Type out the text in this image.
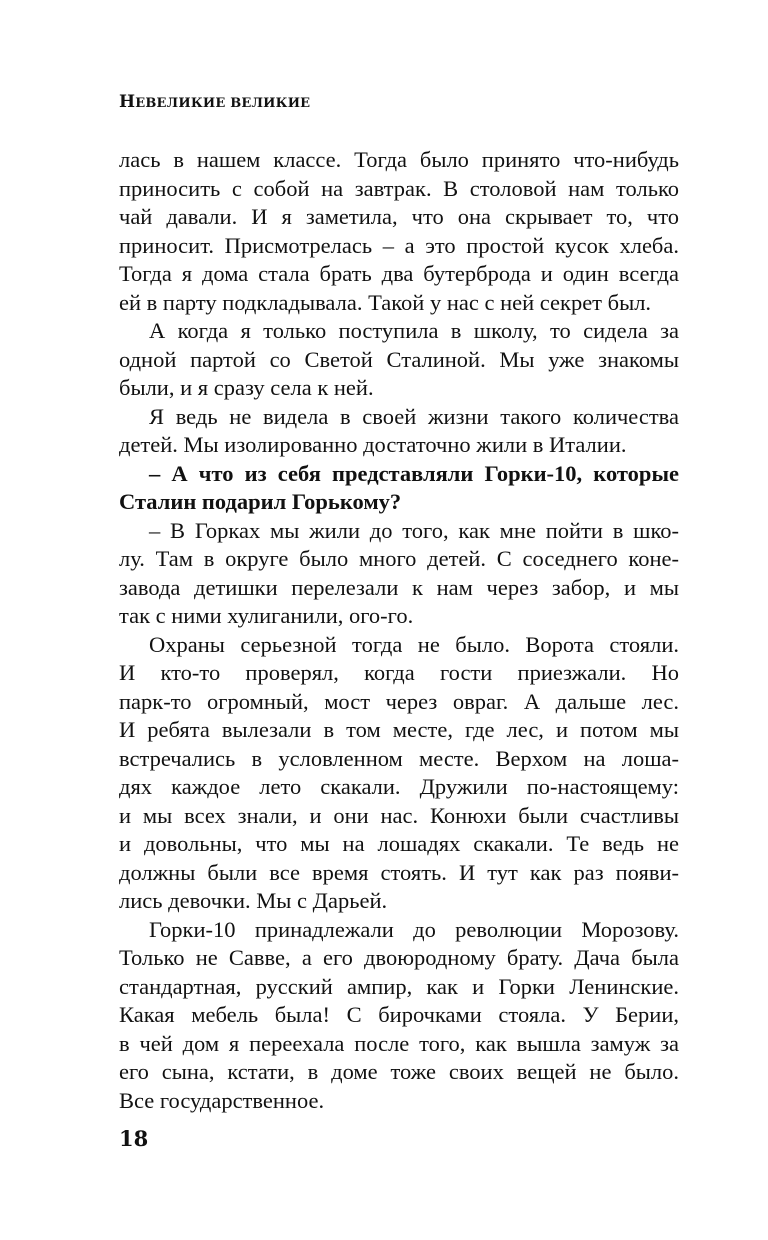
НЕВЕЛИКИЕ ВЕЛИКИЕ
лась в нашем классе. Тогда было принято что-нибудь
приносить с собой на завтрак. В столовой нам только
чай давали. И я заметила, что она скрывает то, что
приносит. Присмотрелась – а это простой кусок хлеба.
Тогда я дома стала брать два бутерброда и один всегда
ей в парту подкладывала. Такой у нас с ней секрет был.
А когда я только поступила в школу, то сидела за
одной партой со Светой Сталиной. Мы уже знакомы
были, и я сразу села к ней.
Я ведь не видела в своей жизни такого количества
детей. Мы изолированно достаточно жили в Италии.
– А что из себя представляли Горки-10, которые
Сталин подарил Горькому?
– В Горках мы жили до того, как мне пойти в шко-
лу. Там в округе было много детей. С соседнего коне-
завода детишки перелезали к нам через забор, и мы
так с ними хулиганили, ого-го.
Охраны серьезной тогда не было. Ворота стояли.
И кто-то проверял, когда гости приезжали. Но
парк-то огромный, мост через овраг. А дальше лес.
И ребята вылезали в том месте, где лес, и потом мы
встречались в условленном месте. Верхом на лоша-
дях каждое лето скакали. Дружили по-настоящему:
и мы всех знали, и они нас. Конюхи были счастливы
и довольны, что мы на лошадях скакали. Те ведь не
должны были все время стоять. И тут как раз появи-
лись девочки. Мы с Дарьей.
Горки-10 принадлежали до революции Морозову.
Только не Савве, а его двоюродному брату. Дача была
стандартная, русский ампир, как и Горки Ленинские.
Какая мебель была! С бирочками стояла. У Берии,
в чей дом я переехала после того, как вышла замуж за
его сына, кстати, в доме тоже своих вещей не было.
Все государственное.
18
